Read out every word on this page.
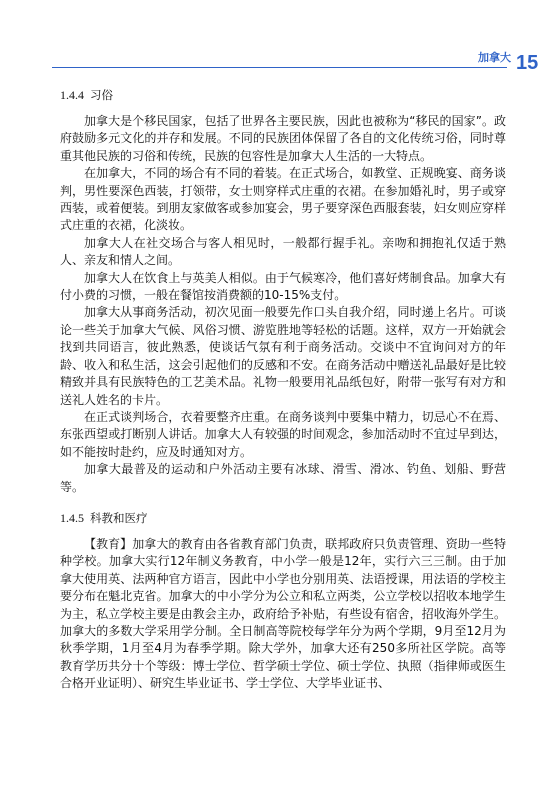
加拿大 15
1.4.4 习俗

加拿大是个移民国家，包括了世界各主要民族，因此也被称为“移民的国家”。政府鼓励多元文化的并存和发展。不同的民族团体保留了各自的文化传统习俗，同时尊重其他民族的习俗和传统，民族的包容性是加拿大人生活的一大特点。

在加拿大，不同的场合有不同的着装。在正式场合，如教堂、正规晚宴、商务谈判，男性要深色西装，打领带，女士则穿样式庄重的衣裙。在参加婚礼时，男子或穿西装，或着便装。到朋友家做客或参加宴会，男子要穿深色西服套装，妇女则应穿样式庄重的衣裙，化淡妆。

加拿大人在社交场合与客人相见时，一般都行握手礼。亲吻和拥抱礼仅适于熟人、亲友和情人之间。

加拿大人在饮食上与英美人相似。由于气候寒冷，他们喜好烤制食品。加拿大有付小费的习惯，一般在餐馆按消费额的10-15%支付。

加拿大从事商务活动，初次见面一般要先作口头自我介绍，同时递上名片。可谈论一些关于加拿大气候、风俗习惯、游览胜地等轻松的话题。这样，双方一开始就会找到共同语言，彼此熟悉，使谈话气氛有利于商务活动。交谈中不宜询问对方的年龄、收入和私生活，这会引起他们的反感和不安。在商务活动中赠送礼品最好是比较精致并具有民族特色的工艺美术品。礼物一般要用礼品纸包好，附带一张写有对方和送礼人姓名的卡片。

在正式谈判场合，衣着要整齐庄重。在商务谈判中要集中精力，切忌心不在焉、东张西望或打断别人讲话。加拿大人有较强的时间观念，参加活动时不宜过早到达，如不能按时赴约，应及时通知对方。

加拿大最普及的运动和户外活动主要有冰球、滑雪、滑冰、钓鱼、划船、野营等。

1.4.5 科教和医疗

【教育】加拿大的教育由各省教育部门负责，联邦政府只负责管理、资助一些特种学校。加拿大实行12年制义务教育，中小学一般是12年，实行六三三制。由于加拿大使用英、法两种官方语言，因此中小学也分别用英、法语授课，用法语的学校主要分布在魁北克省。加拿大的中小学分为公立和私立两类，公立学校以招收本地学生为主，私立学校主要是由教会主办，政府给予补贴，有些设有宿舍，招收海外学生。加拿大的多数大学采用学分制。全日制高等院校每学年分为两个学期，9月至12月为秋季学期，1月至4月为春季学期。除大学外，加拿大还有250多所社区学院。高等教育学历共分十个等级：博士学位、哲学硕士学位、硕士学位、执照（指律师或医生合格开业证明）、研究生毕业证书、学士学位、大学毕业证书、
